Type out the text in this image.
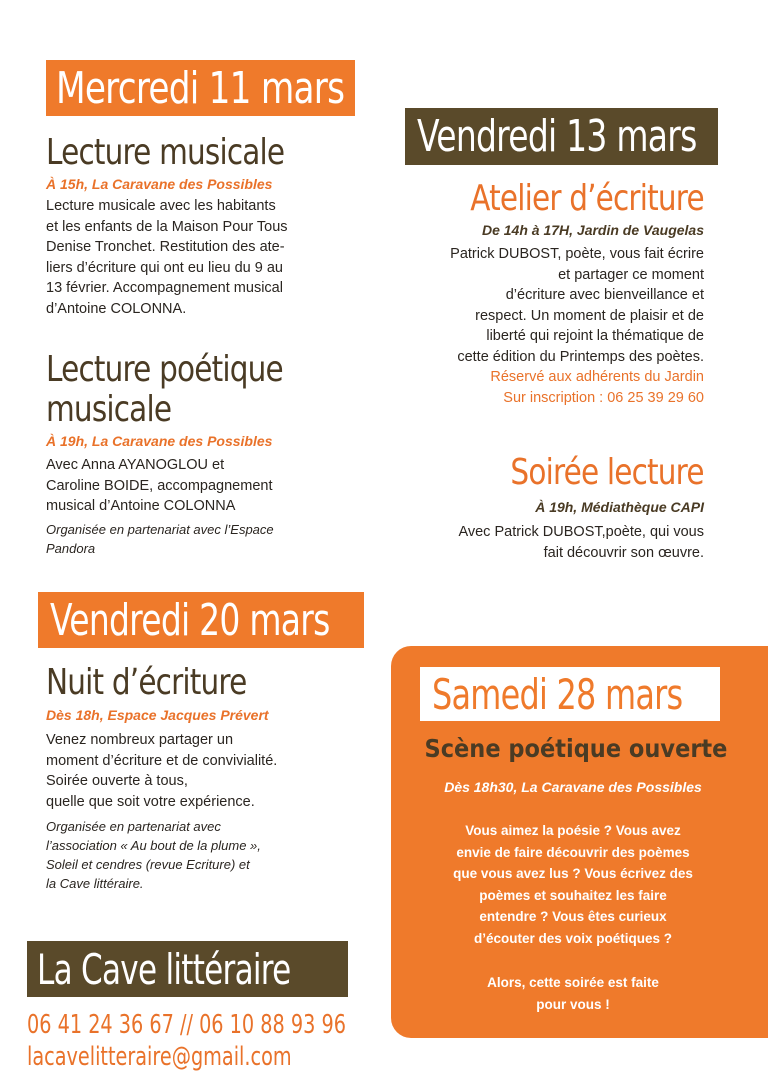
Mercredi 11 mars
Lecture musicale
À 15h, La Caravane des Possibles
Lecture musicale avec les habitants
et les enfants de la Maison Pour Tous
Denise Tronchet. Restitution des ate-
liers d’écriture qui ont eu lieu du 9 au
13 février. Accompagnement musical
d’Antoine COLONNA.
Lecture poétique
musicale
À 19h, La Caravane des Possibles
Avec Anna AYANOGLOU et
Caroline BOIDE, accompagnement
musical d’Antoine COLONNA
Organisée en partenariat avec l’Espace
Pandora
Vendredi 13 mars
Atelier d’écriture
De 14h à 17H, Jardin de Vaugelas
Patrick DUBOST, poète, vous fait écrire
et partager ce moment
d’écriture avec bienveillance et
respect. Un moment de plaisir et de
liberté qui rejoint la thématique de
cette édition du Printemps des poètes.
Réservé aux adhérents du Jardin
Sur inscription : 06 25 39 29 60
Soirée lecture
À 19h, Médiathèque CAPI
Avec Patrick DUBOST,poète, qui vous
fait découvrir son œuvre.
Vendredi 20 mars
Nuit d’écriture
Dès 18h, Espace Jacques Prévert
Venez nombreux partager un
moment d’écriture et de convivialité.
Soirée ouverte à tous,
quelle que soit votre expérience.
Organisée en partenariat avec
l’association « Au bout de la plume »,
Soleil et cendres (revue Ecriture) et
la Cave littéraire.
Samedi 28 mars
Scène poétique ouverte
Dès 18h30, La Caravane des Possibles
Vous aimez la poésie ? Vous avez
envie de faire découvrir des poèmes
que vous avez lus ? Vous écrivez des
poèmes et souhaitez les faire
entendre ? Vous êtes curieux
d’écouter des voix poétiques ?
Alors, cette soirée est faite
pour vous !
La Cave littéraire
06 41 24 36 67 // 06 10 88 93 96
lacavelitteraire@gmail.com
